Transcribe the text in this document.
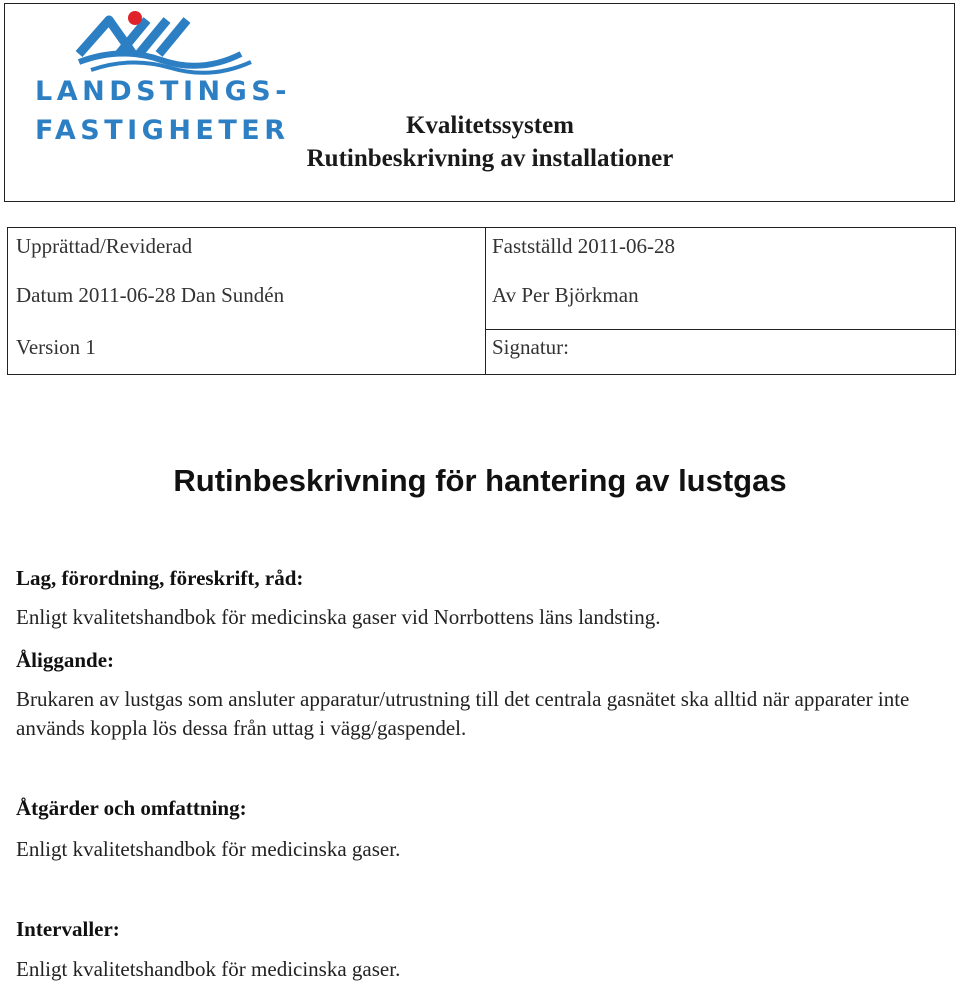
LANDSTINGS-
FASTIGHETER	Kvalitetssystem
Rutinbeskrivning av installationer
Upprättad/Reviderad
Datum 2011-06-28 Dan Sundén
Version 1
Fastställd 2011-06-28
Av Per Björkman
Signatur:
Rutinbeskrivning för hantering av lustgas
Lag, förordning, föreskrift, råd:
Enligt kvalitetshandbok för medicinska gaser vid Norrbottens läns landsting.
Åliggande:
Brukaren av lustgas som ansluter apparatur/utrustning till det centrala gasnätet ska alltid när apparater inte används koppla lös dessa från uttag i vägg/gaspendel.
Åtgärder och omfattning:
Enligt kvalitetshandbok för medicinska gaser.
Intervaller:
Enligt kvalitetshandbok för medicinska gaser.
